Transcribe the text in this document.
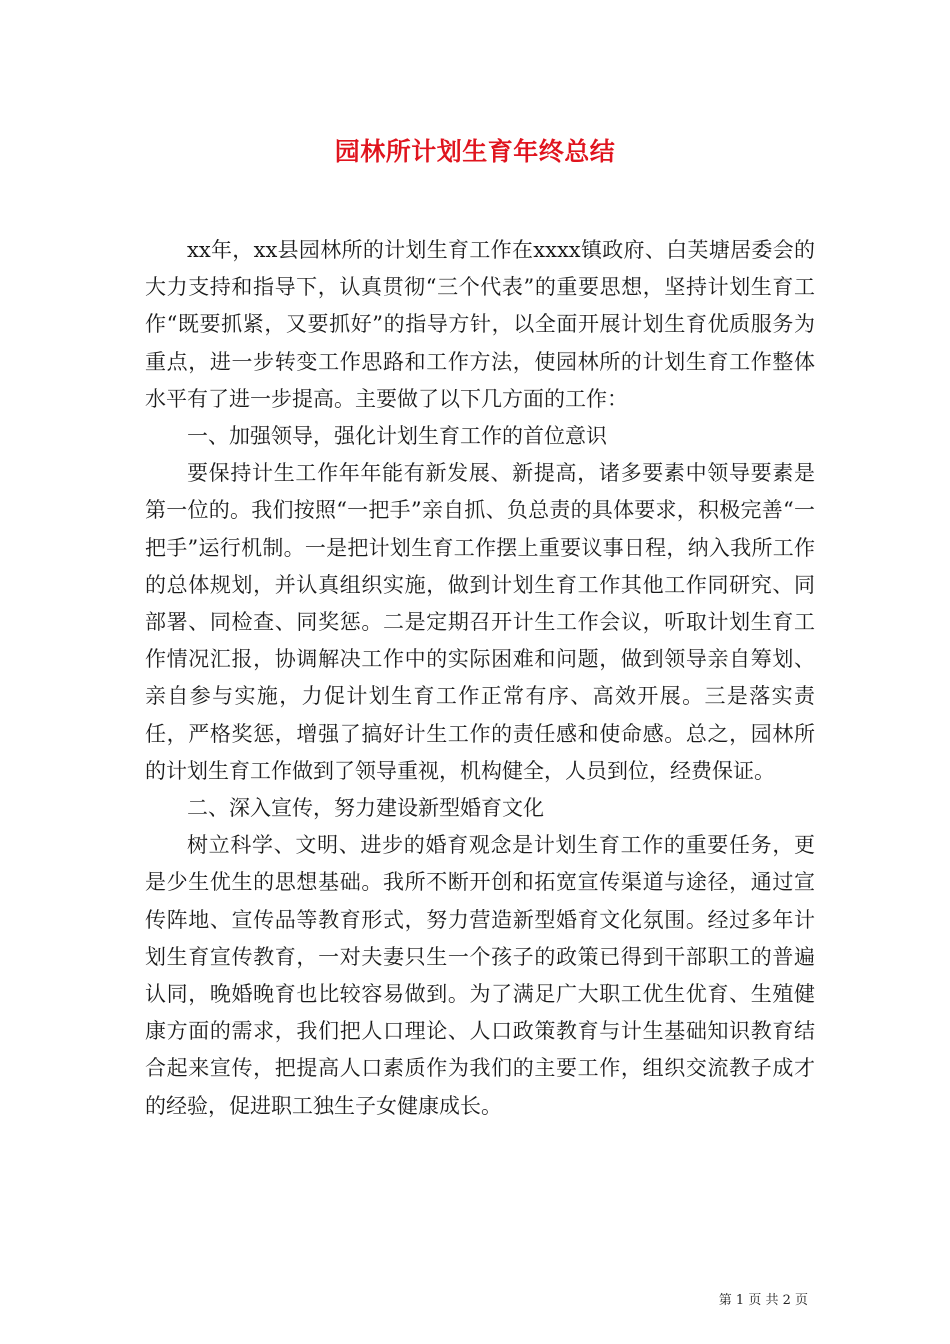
园林所计划生育年终总结

xx年，xx县园林所的计划生育工作在xxxx镇政府、白芙塘居委会的大力支持和指导下，认真贯彻“三个代表”的重要思想，坚持计划生育工作“既要抓紧，又要抓好”的指导方针，以全面开展计划生育优质服务为重点，进一步转变工作思路和工作方法，使园林所的计划生育工作整体水平有了进一步提高。主要做了以下几方面的工作：

一、加强领导，强化计划生育工作的首位意识

要保持计生工作年年能有新发展、新提高，诸多要素中领导要素是第一位的。我们按照“一把手”亲自抓、负总责的具体要求，积极完善“一把手”运行机制。一是把计划生育工作摆上重要议事日程，纳入我所工作的总体规划，并认真组织实施，做到计划生育工作其他工作同研究、同部署、同检查、同奖惩。二是定期召开计生工作会议，听取计划生育工作情况汇报，协调解决工作中的实际困难和问题，做到领导亲自筹划、亲自参与实施，力促计划生育工作正常有序、高效开展。三是落实责任，严格奖惩，增强了搞好计生工作的责任感和使命感。总之，园林所的计划生育工作做到了领导重视，机构健全，人员到位，经费保证。

二、深入宣传，努力建设新型婚育文化

树立科学、文明、进步的婚育观念是计划生育工作的重要任务，更是少生优生的思想基础。我所不断开创和拓宽宣传渠道与途径，通过宣传阵地、宣传品等教育形式，努力营造新型婚育文化氛围。经过多年计划生育宣传教育，一对夫妻只生一个孩子的政策已得到干部职工的普遍认同，晚婚晚育也比较容易做到。为了满足广大职工优生优育、生殖健康方面的需求，我们把人口理论、人口政策教育与计生基础知识教育结合起来宣传，把提高人口素质作为我们的主要工作，组织交流教子成才的经验，促进职工独生子女健康成长。

第 1 页 共 2 页
